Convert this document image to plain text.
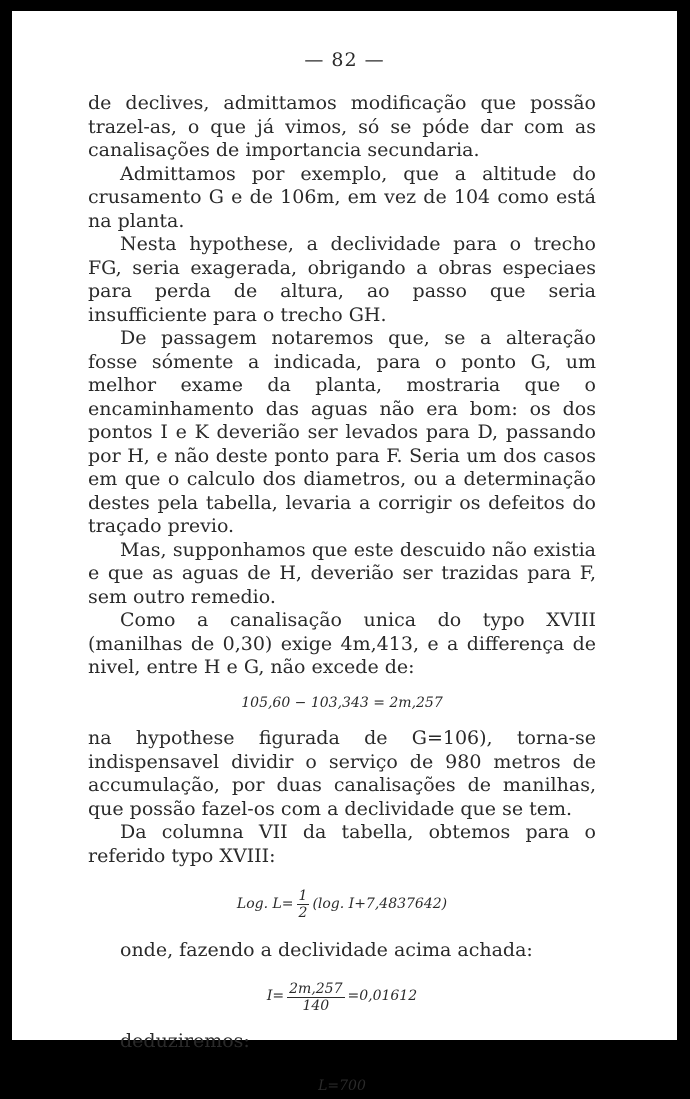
— 82 —

de declives, admittamos modificação que possão trazel-as, o que já vimos, só se póde dar com as canalisações de importancia secundaria.

Admittamos por exemplo, que a altitude do crusamento G e de 106m, em vez de 104 como está na planta.

Nesta hypothese, a declividade para o trecho FG, seria exagerada, obrigando a obras especiaes para perda de altura, ao passo que seria insufficiente para o trecho GH.

De passagem notaremos que, se a alteração fosse sómente a indicada, para o ponto G, um melhor exame da planta, mostraria que o encaminhamento das aguas não era bom: os dos pontos I e K deverião ser levados para D, passando por H, e não deste ponto para F. Seria um dos casos em que o calculo dos diametros, ou a determinação destes pela tabella, levaria a corrigir os defeitos do traçado previo.

Mas, supponhamos que este descuido não existia e que as aguas de H, deverião ser trazidas para F, sem outro remedio.

Como a canalisação unica do typo XVIII (manilhas de 0,30) exige 4m,413, e a differença de nivel, entre H e G, não excede de:

105,60 − 103,343 = 2m,257

na hypothese figurada de G=106), torna-se indispensavel dividir o serviço de 980 metros de accumulação, por duas canalisações de manilhas, que possão fazel-os com a declividade que se tem.

Da columna VII da tabella, obtemos para o referido typo XVIII:

Log. $L= \frac{1}{2} (\log$. I+7,4837642)

onde, fazendo a declividade acima achada:

$I= \frac{2m,257}{140} =0,01612$

deduziremos:

L=700
